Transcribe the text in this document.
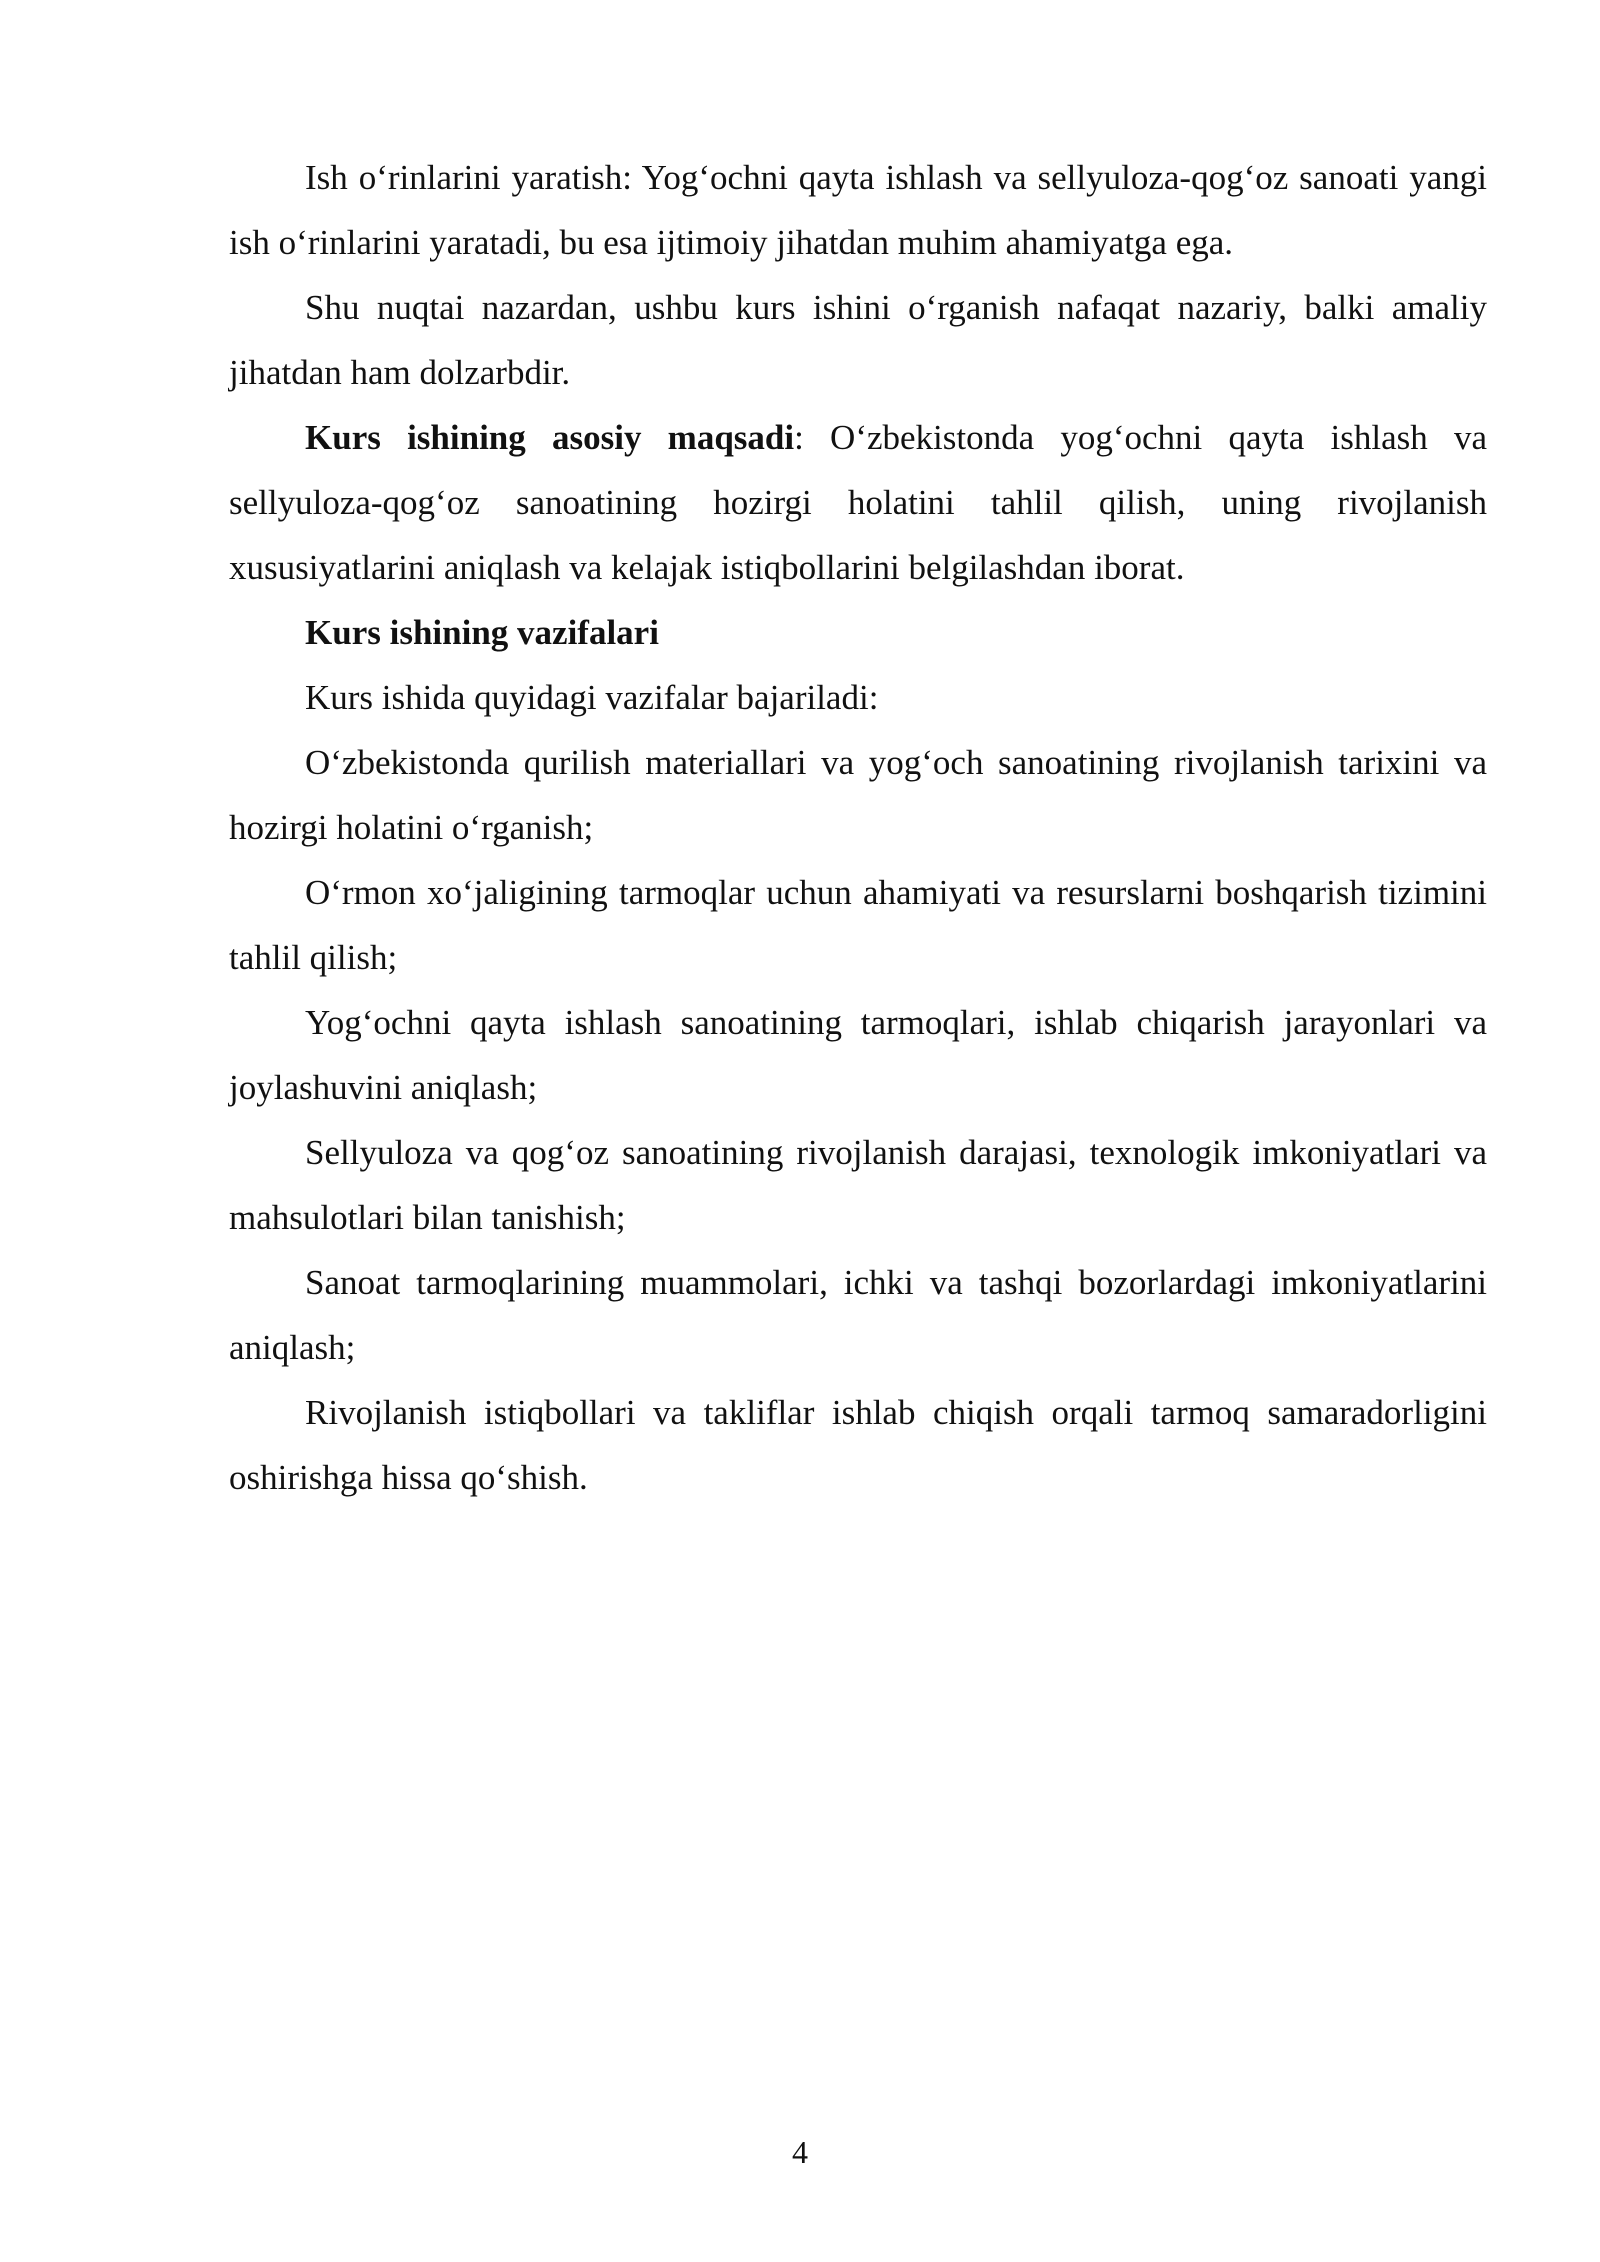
Ish o‘rinlarini yaratish: Yog‘ochni qayta ishlash va sellyuloza-qog‘oz sanoati yangi ish o‘rinlarini yaratadi, bu esa ijtimoiy jihatdan muhim ahamiyatga ega.

Shu nuqtai nazardan, ushbu kurs ishini o‘rganish nafaqat nazariy, balki amaliy jihatdan ham dolzarbdir.

Kurs ishining asosiy maqsadi: O‘zbekistonda yog‘ochni qayta ishlash va sellyuloza-qog‘oz sanoatining hozirgi holatini tahlil qilish, uning rivojlanish xususiyatlarini aniqlash va kelajak istiqbollarini belgilashdan iborat.

Kurs ishining vazifalari

Kurs ishida quyidagi vazifalar bajariladi:

O‘zbekistonda qurilish materiallari va yog‘och sanoatining rivojlanish tarixini va hozirgi holatini o‘rganish;

O‘rmon xo‘jaligining tarmoqlar uchun ahamiyati va resurslarni boshqarish tizimini tahlil qilish;

Yog‘ochni qayta ishlash sanoatining tarmoqlari, ishlab chiqarish jarayonlari va joylashuvini aniqlash;

Sellyuloza va qog‘oz sanoatining rivojlanish darajasi, texnologik imkoniyatlari va mahsulotlari bilan tanishish;

Sanoat tarmoqlarining muammolari, ichki va tashqi bozorlardagi imkoniyatlarini aniqlash;

Rivojlanish istiqbollari va takliflar ishlab chiqish orqali tarmoq samaradorligini oshirishga hissa qo‘shish.

4
